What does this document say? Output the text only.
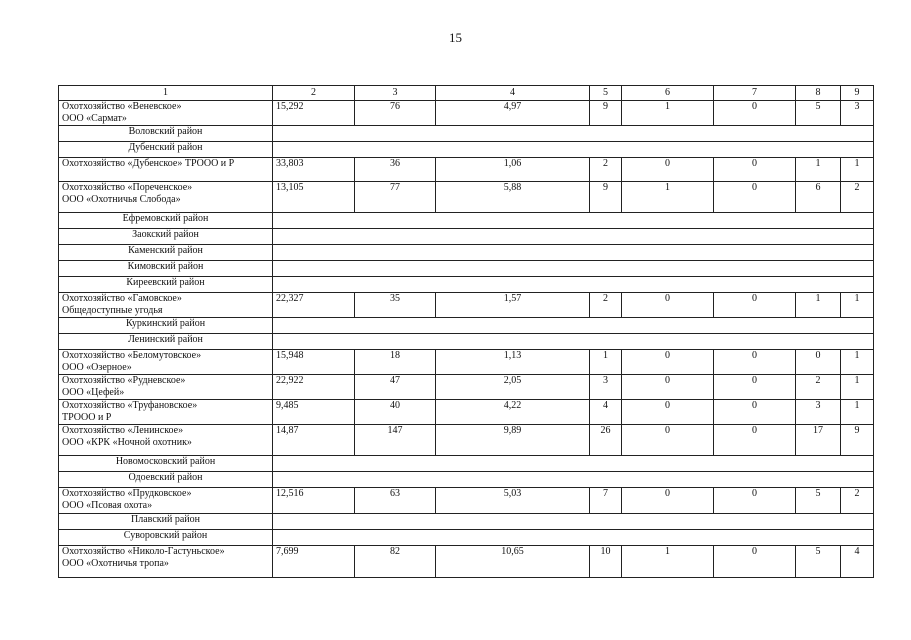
15
1	2	3	4	5	6	7	8	9

Охотхозяйство «Веневское»
ООО «Сармат»	15,292	76	4,97	9	1	0	5	3
Воловский район								
Дубенский район								

Охотхозяйство «Дубенское» ТРООО и Р	33,803	36	1,06	2	0	0	1	1

Охотхозяйство «Пореченское»
ООО «Охотничья Слобода»	13,105	77	5,88	9	1	0	6	2
Ефремовский район								
Заокский район								
Каменский район								
Кимовский район								
Киреевский район								

Охотхозяйство «Гамовское»
Общедоступные угодья	22,327	35	1,57	2	0	0	1	1
Куркинский район								
Ленинский район								

Охотхозяйство «Беломутовское»
ООО «Озерное»	15,948	18	1,13	1	0	0	0	1

Охотхозяйство «Рудневское»
ООО «Цефей»	22,922	47	2,05	3	0	0	2	1

Охотхозяйство «Труфановское»
ТРООО и Р	9,485	40	4,22	4	0	0	3	1

Охотхозяйство «Ленинское»
ООО «КРК «Ночной охотник»	14,87	147	9,89	26	0	0	17	9
Новомосковский район								
Одоевский район								

Охотхозяйство «Прудковское»
ООО «Псовая охота»	12,516	63	5,03	7	0	0	5	2
Плавский район								
Суворовский район								

Охотхозяйство «Николо-Гастуньское»
ООО «Охотничья тропа»	7,699	82	10,65	10	1	0	5	4
